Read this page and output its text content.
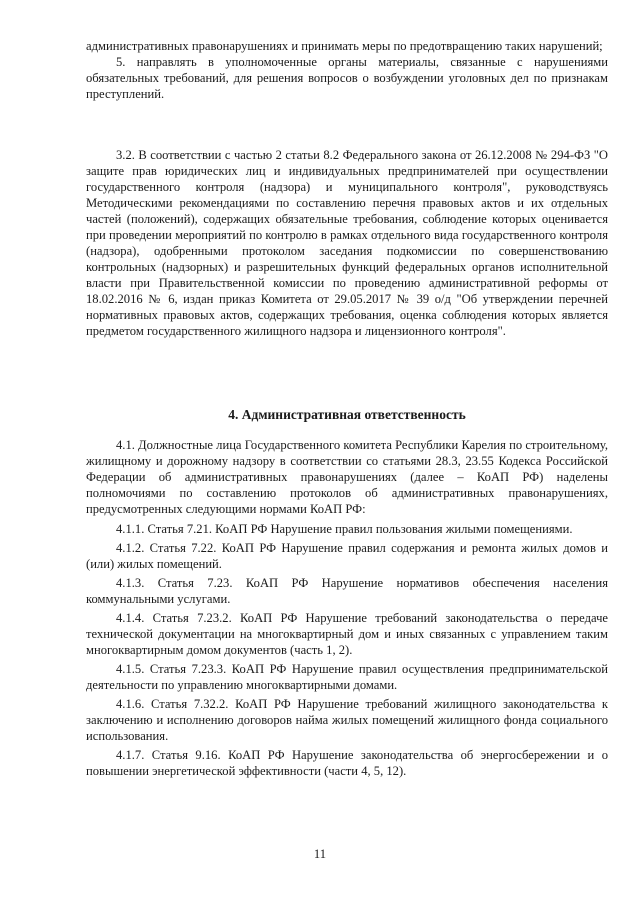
административных правонарушениях и принимать меры по предотвращению таких нарушений;

5. направлять в уполномоченные органы материалы, связанные с нарушениями обязательных требований, для решения вопросов о возбуждении уголовных дел по признакам преступлений.

3.2. В соответствии с частью 2 статьи 8.2 Федерального закона от 26.12.2008 № 294-ФЗ "О защите прав юридических лиц и индивидуальных предпринимателей при осуществлении государственного контроля (надзора) и муниципального контроля", руководствуясь Методическими рекомендациями по составлению перечня правовых актов и их отдельных частей (положений), содержащих обязательные требования, соблюдение которых оценивается при проведении мероприятий по контролю в рамках отдельного вида государственного контроля (надзора), одобренными протоколом заседания подкомиссии по совершенствованию контрольных (надзорных) и разрешительных функций федеральных органов исполнительной власти при Правительственной комиссии по проведению административной реформы от 18.02.2016 № 6, издан приказ Комитета от 29.05.2017 № 39 о/д "Об утверждении перечней нормативных правовых актов, содержащих требования, оценка соблюдения которых является предметом государственного жилищного надзора и лицензионного контроля".

4. Административная ответственность

4.1. Должностные лица Государственного комитета Республики Карелия по строительному, жилищному и дорожному надзору в соответствии со статьями 28.3, 23.55 Кодекса Российской Федерации об административных правонарушениях (далее – КоАП РФ) наделены полномочиями по составлению протоколов об административных правонарушениях, предусмотренных следующими нормами КоАП РФ:

4.1.1. Статья 7.21. КоАП РФ Нарушение правил пользования жилыми помещениями.

4.1.2. Статья 7.22. КоАП РФ Нарушение правил содержания и ремонта жилых домов и (или) жилых помещений.

4.1.3. Статья 7.23. КоАП РФ Нарушение нормативов обеспечения населения коммунальными услугами.

4.1.4. Статья 7.23.2. КоАП РФ Нарушение требований законодательства о передаче технической документации на многоквартирный дом и иных связанных с управлением таким многоквартирным домом документов (часть 1, 2).

4.1.5. Статья 7.23.3. КоАП РФ Нарушение правил осуществления предпринимательской деятельности по управлению многоквартирными домами.

4.1.6. Статья 7.32.2. КоАП РФ Нарушение требований жилищного законодательства к заключению и исполнению договоров найма жилых помещений жилищного фонда социального использования.

4.1.7. Статья 9.16. КоАП РФ Нарушение законодательства об энергосбережении и о повышении энергетической эффективности (части 4, 5, 12).

11
